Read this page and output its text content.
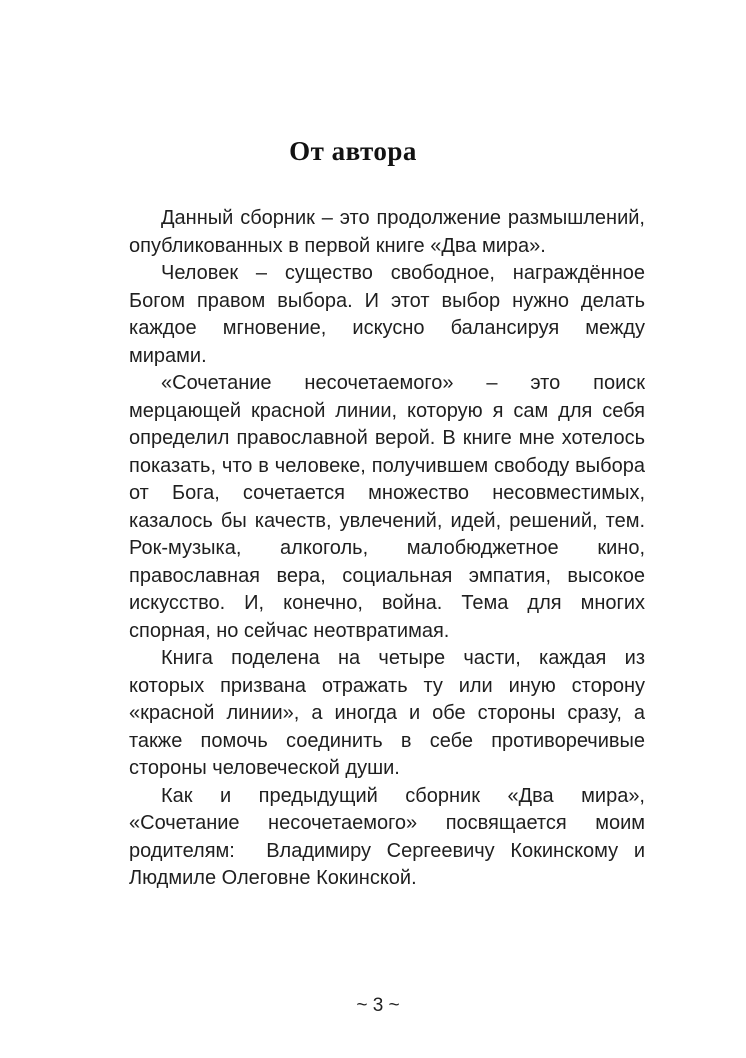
От автора

Данный сборник – это продолжение размышлений, опубликованных в первой книге «Два мира».

Человек – существо свободное, награждённое Богом правом выбора. И этот выбор нужно делать каждое мгновение, искусно балансируя между мирами.

«Сочетание несочетаемого» – это поиск мерцающей красной линии, которую я сам для себя определил православной верой. В книге мне хотелось показать, что в человеке, получившем свободу выбора от Бога, сочетается множество несовместимых, казалось бы качеств, увлечений, идей, решений, тем. Рок-музыка, алкоголь, малобюджетное кино, православная вера, социальная эмпатия, высокое искусство. И, конечно, война. Тема для многих спорная, но сейчас неотвратимая.

Книга поделена на четыре части, каждая из которых призвана отражать ту или иную сторону «красной линии», а иногда и обе стороны сразу, а также помочь соединить в себе противоречивые стороны человеческой души.

Как и предыдущий сборник «Два мира», «Сочетание несочетаемого» посвящается моим родителям:  Владимиру Сергеевичу Кокинскому и Людмиле Олеговне Кокинской.

~ 3 ~
